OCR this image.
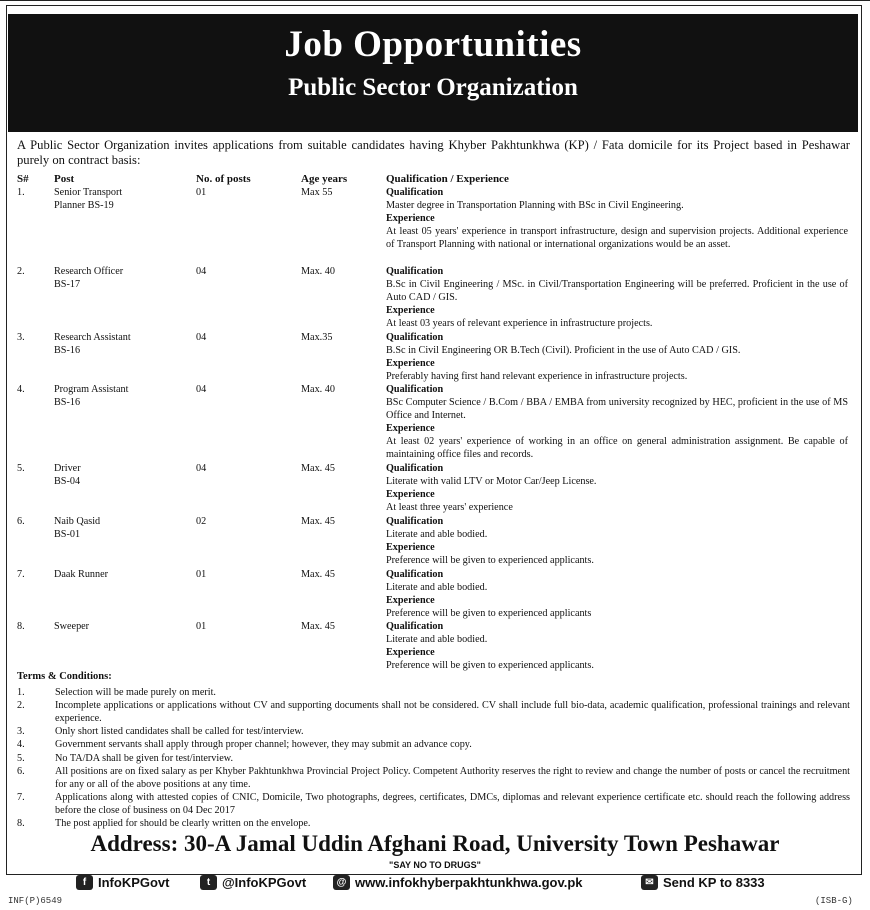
Job Opportunities
Public Sector Organization
A Public Sector Organization invites applications from suitable candidates having Khyber Pakhtunkhwa (KP) / Fata domicile for its Project based in Peshawar purely on contract basis:
S# Post	No. of posts	Age years	Qualification / Experience
1.	Senior Transport
Planner BS-19
01	Max 55	Qualification
Master degree in Transportation Planning with BSc in Civil Engineering.
Experience
At least 05 years' experience in transport infrastructure, design and supervision projects. Additional experience of Transport Planning with national or international organizations would be an asset.
2.	Research Officer
BS-17
04	Max. 40	Qualification
B.Sc in Civil Engineering / MSc. in Civil/Transportation Engineering will be preferred. Proficient in the use of Auto CAD / GIS.
Experience
At least 03 years of relevant experience in infrastructure projects.
3.	Research Assistant
BS-16
04	Max.35	Qualification
B.Sc in Civil Engineering OR B.Tech (Civil). Proficient in the use of Auto CAD / GIS.
Experience
Preferably having first hand relevant experience in infrastructure projects.
4.	Program Assistant
BS-16
04	Max. 40	Qualification
BSc Computer Science / B.Com / BBA / EMBA from university recognized by HEC, proficient in the use of MS Office and Internet.
Experience
At least 02 years' experience of working in an office on general administration assignment. Be capable of maintaining office files and records.
5.	Driver
BS-04
04	Max. 45	Qualification
Literate with valid LTV or Motor Car/Jeep License.
Experience
At least three years' experience
6.	Naib Qasid
BS-01
02	Max. 45	Qualification
Literate and able bodied.
Experience
Preference will be given to experienced applicants.
7.	Daak Runner	01	Max. 45	Qualification
Literate and able bodied.
Experience
Preference will be given to experienced applicants
8.	Sweeper	01	Max. 45	Qualification
Literate and able bodied.
Experience
Preference will be given to experienced applicants.
Terms & Conditions:
1.	Selection will be made purely on merit.
2.	Incomplete applications or applications without CV and supporting documents shall not be considered. CV shall include full bio-data, academic qualification, professional trainings and relevant experience.
3.	Only short listed candidates shall be called for test/interview.
4.	Government servants shall apply through proper channel; however, they may submit an advance copy.
5.	No TA/DA shall be given for test/interview.
6.	All positions are on fixed salary as per Khyber Pakhtunkhwa Provincial Project Policy. Competent Authority reserves the right to review and change the number of posts or cancel the recruitment for any or all of the above positions at any time.
7.	Applications along with attested copies of CNIC, Domicile, Two photographs, degrees, certificates, DMCs, diplomas and relevant experience certificate etc. should reach the following address before the close of business on 04 Dec 2017
8.	The post applied for should be clearly written on the envelope.
Address: 30-A Jamal Uddin Afghani Road, University Town Peshawar
"SAY NO TO DRUGS"
f InfoKPGovt	t @InfoKPGovt	@ www.infokhyberpakhtunkhwa.gov.pk	✉ Send KP to 8333
INF(P)6549	(ISB-G)
